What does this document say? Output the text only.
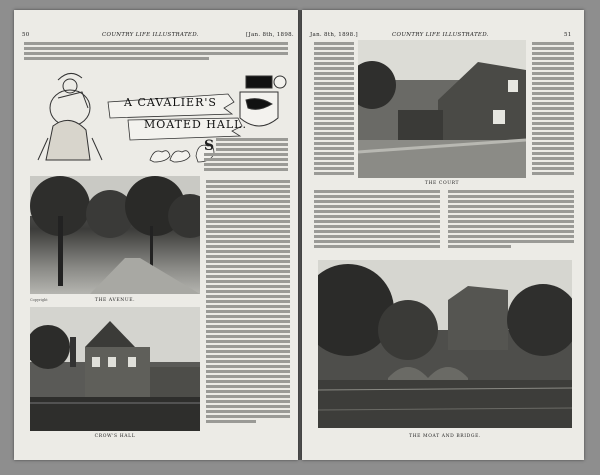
50	COUNTRY LIFE ILLUSTRATED.	[Jan. 8th, 1898.
A CAVALIER'S
MOATED HALL.
S
THE AVENUE.
Copyright
CROW'S HALL
Jan. 8th, 1898.]	COUNTRY LIFE ILLUSTRATED.	51
THE COURT
THE MOAT AND BRIDGE.
